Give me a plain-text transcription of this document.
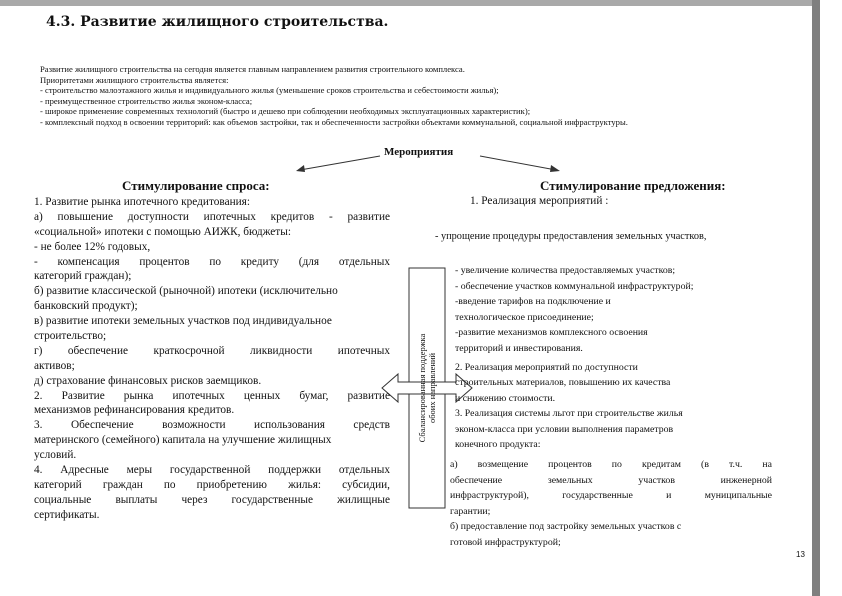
4.3. Развитие жилищного строительства.
Развитие жилищного строительства на сегодня является главным направлением развития строительного комплекса.
Приоритетами жилищного строительства является:
- строительство малоэтажного жилья и индивидуального жилья (уменьшение сроков строительства и себестоимости жилья);
- преимущественное строительство жилья эконом-класса;
- широкое применение современных технологий (быстро и дешево при соблюдении необходимых эксплуатационных характеристик);
- комплексный подход в освоении территорий: как объемов застройки, так и обеспеченности застройки объектами коммунальной, социальной инфраструктуры.
Мероприятия
Сбалансированная поддержка обоих направлений
Стимулирование спроса:	Стимулирование предложения:
1. Развитие рынка ипотечного кредитования:
а) повышение доступности ипотечных кредитов - развитие
«социальной» ипотеки с помощью АИЖК, бюджеты:
- не более 12% годовых,
- компенсация процентов по кредиту (для отдельных
категорий граждан);
б) развитие классической (рыночной) ипотеки (исключительно
банковский продукт);
в) развитие ипотеки земельных участков под индивидуальное
строительство;
г) обеспечение краткосрочной ликвидности ипотечных
активов;
д) страхование финансовых рисков заемщиков.
2. Развитие рынка ипотечных ценных бумаг, развитие
механизмов рефинансирования кредитов.
3. Обеспечение возможности использования средств
материнского (семейного) капитала на улучшение жилищных
условий.
4. Адресные меры государственной поддержки отдельных
категорий граждан по приобретению жилья: субсидии,
социальные выплаты через государственные жилищные
сертификаты.
1. Реализация мероприятий :
- упрощение процедуры предоставления земельных участков,
- увеличение количества предоставляемых участков;
- обеспечение участков коммунальной инфраструктурой;
-введение тарифов на подключение и
технологическое присоединение;
-развитие механизмов комплексного освоения
территорий и инвестирования.
2. Реализация мероприятий по доступности
строительных материалов, повышению их качества
и снижению стоимости.
3. Реализация системы льгот при строительстве жилья
эконом-класса при условии выполнения параметров
конечного продукта:
а) возмещение процентов по кредитам (в т.ч. на
обеспечение земельных участков инженерной
инфраструктурой), государственные и муниципальные
гарантии;
б) предоставление под застройку земельных участков с
готовой инфраструктурой;
13
